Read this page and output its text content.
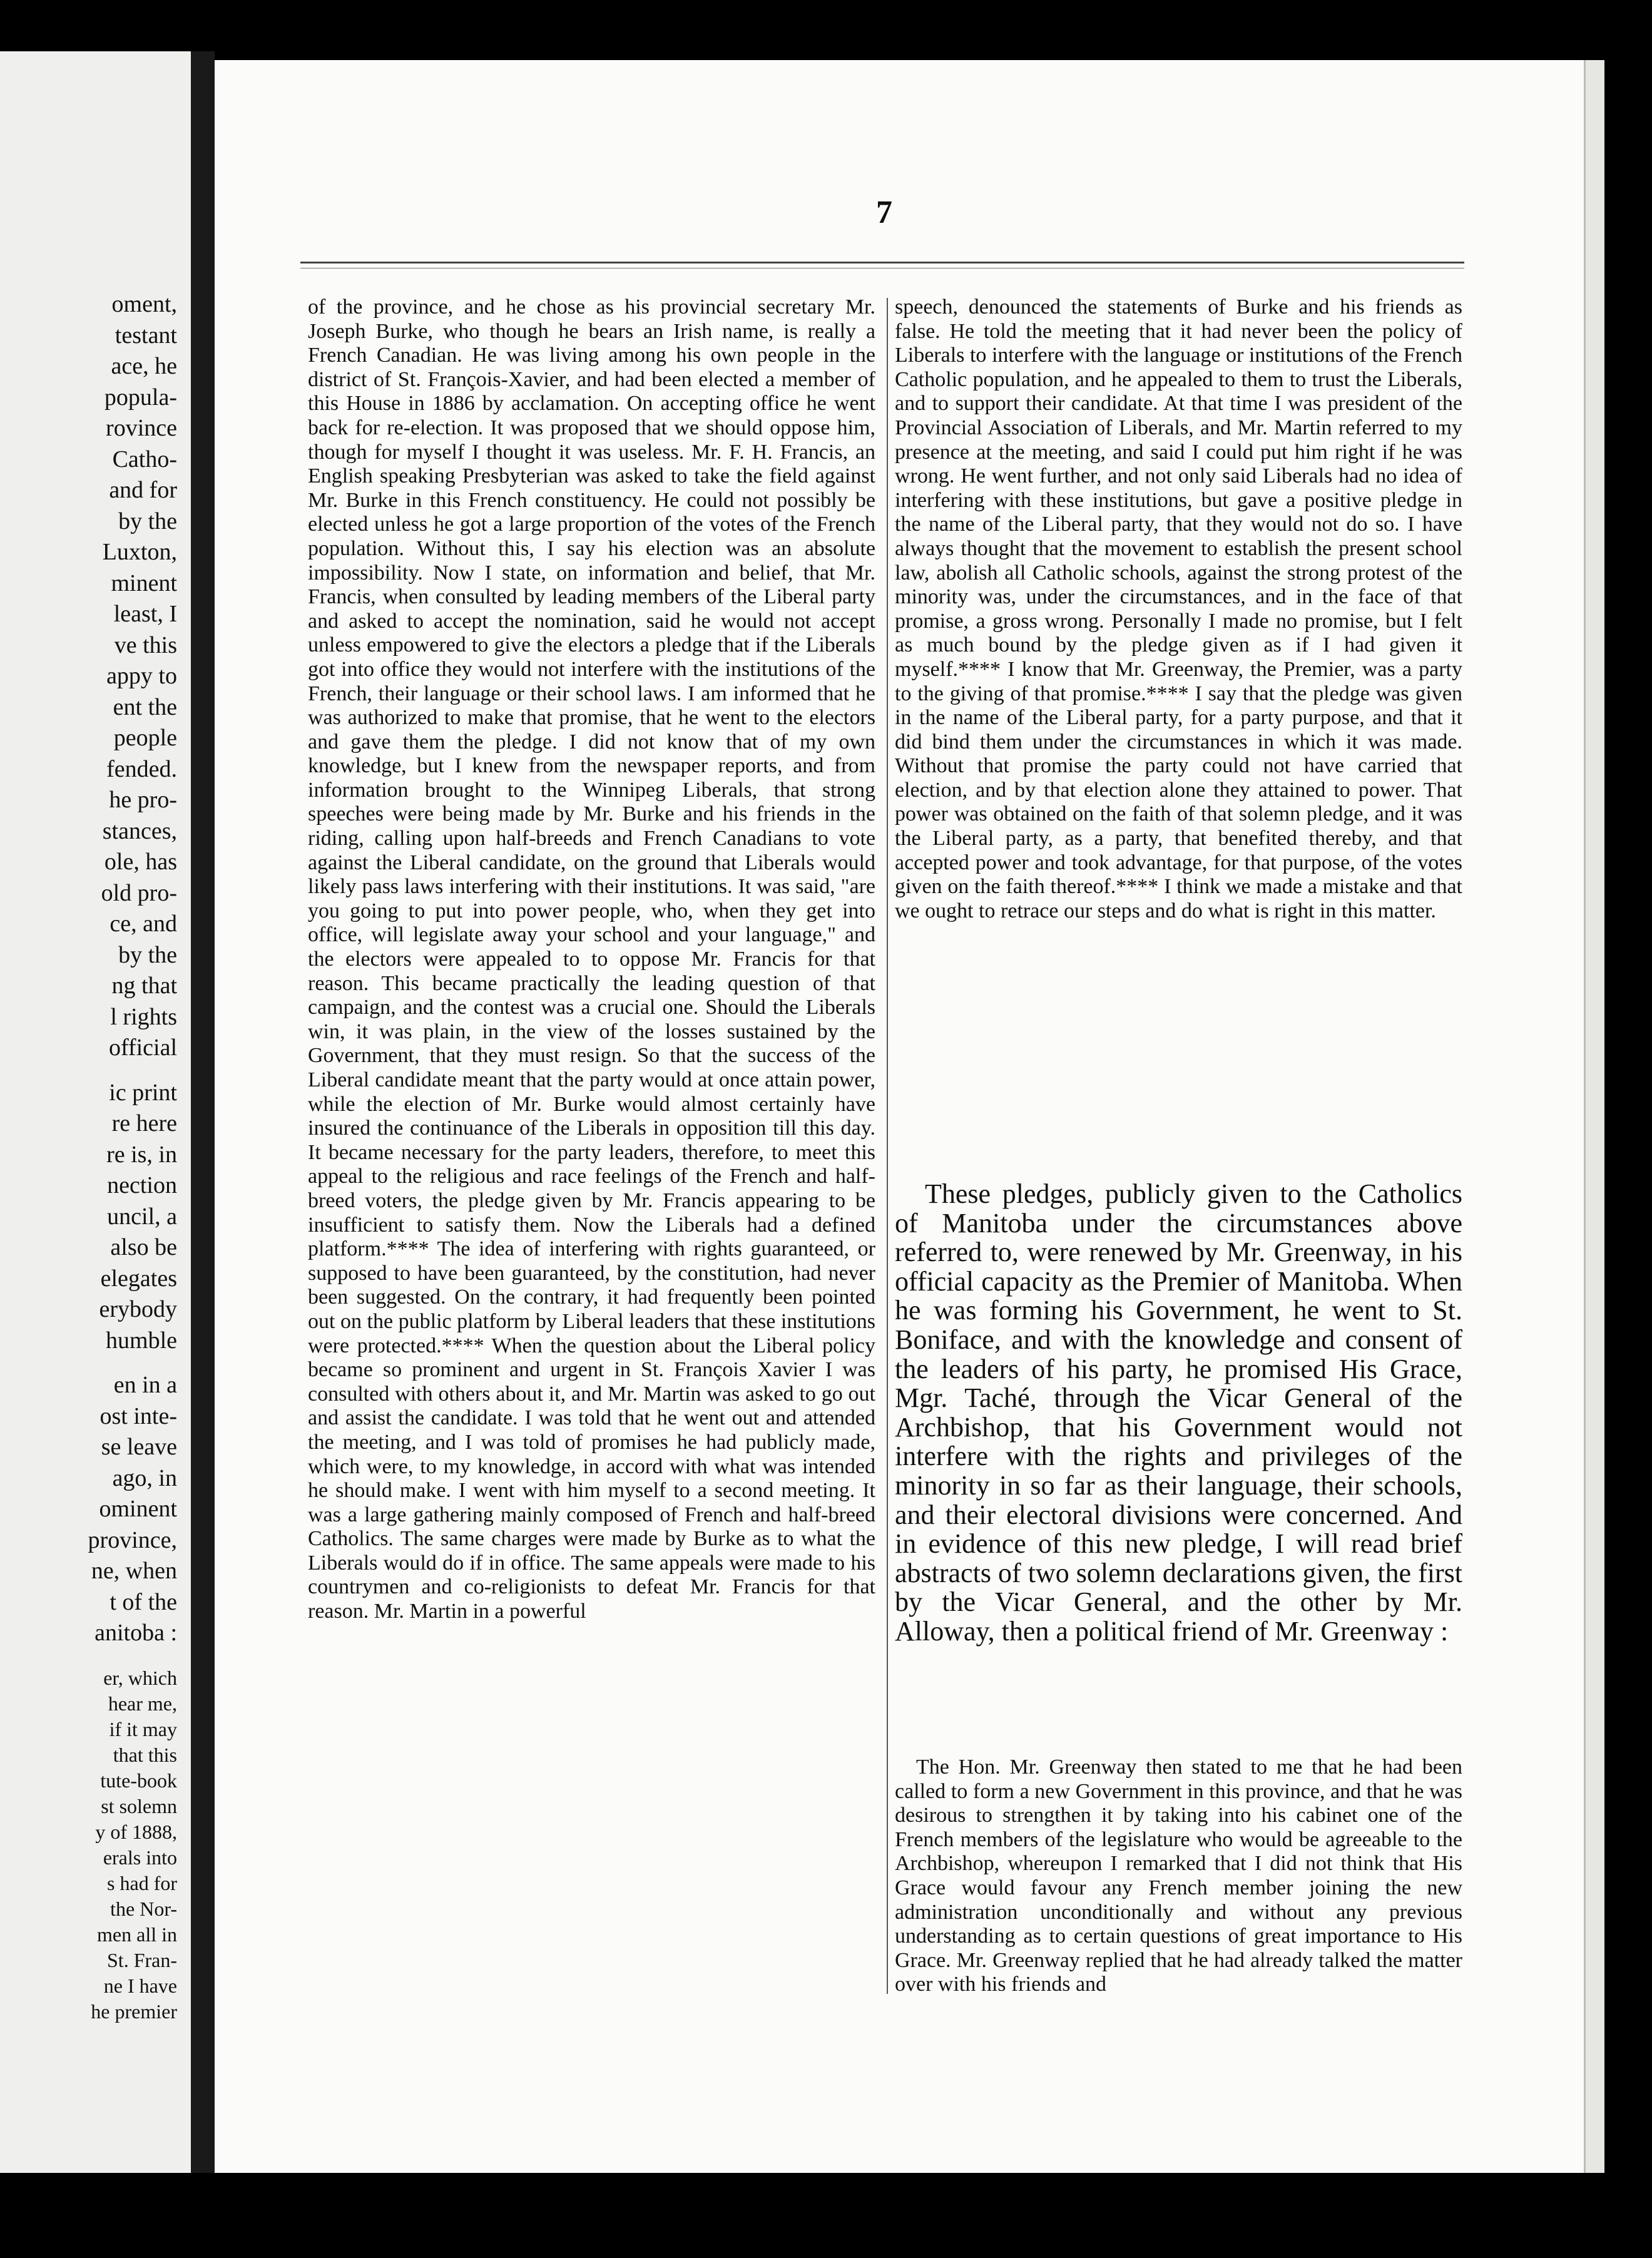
oment,
testant
ace, he
popula-
rovince
Catho-
and for
by the
Luxton,
minent
least, I
ve this
appy to
ent the
people
fended.
he pro-
stances,
ole, has
old pro-
ce, and
by the
ng that
l rights
official
ic print
re here
re is, in
nection
uncil, a
also be
elegates
erybody
humble
en in a
ost inte-
se leave
ago, in
ominent
province,
ne, when
t of the
anitoba :
er, which
hear me,
if it may
that this
tute-book
st solemn
y of 1888,
erals into
s had for
the Nor-
men all in
St. Fran-
ne I have
he premier
7

of the province, and he chose as his provincial secretary Mr. Joseph Burke, who though he bears an Irish name, is really a French Canadian. He was living among his own people in the district of St. François-Xavier, and had been elected a member of this House in 1886 by acclamation. On accepting office he went back for re-election. It was proposed that we should oppose him, though for myself I thought it was useless. Mr. F. H. Francis, an English speaking Presbyterian was asked to take the field against Mr. Burke in this French constituency. He could not possibly be elected unless he got a large proportion of the votes of the French population. Without this, I say his election was an absolute impossibility. Now I state, on information and belief, that Mr. Francis, when consulted by leading members of the Liberal party and asked to accept the nomination, said he would not accept unless empowered to give the electors a pledge that if the Liberals got into office they would not interfere with the institutions of the French, their language or their school laws. I am informed that he was authorized to make that promise, that he went to the electors and gave them the pledge. I did not know that of my own knowledge, but I knew from the newspaper reports, and from information brought to the Winnipeg Liberals, that strong speeches were being made by Mr. Burke and his friends in the riding, calling upon half-breeds and French Canadians to vote against the Liberal candidate, on the ground that Liberals would likely pass laws interfering with their institutions. It was said, "are you going to put into power people, who, when they get into office, will legislate away your school and your language," and the electors were appealed to to oppose Mr. Francis for that reason. This became practically the leading question of that campaign, and the contest was a crucial one. Should the Liberals win, it was plain, in the view of the losses sustained by the Government, that they must resign. So that the success of the Liberal candidate meant that the party would at once attain power, while the election of Mr. Burke would almost certainly have insured the continuance of the Liberals in opposition till this day. It became necessary for the party leaders, therefore, to meet this appeal to the religious and race feelings of the French and half-breed voters, the pledge given by Mr. Francis appearing to be insufficient to satisfy them. Now the Liberals had a defined platform.**** The idea of interfering with rights guaranteed, or supposed to have been guaranteed, by the constitution, had never been suggested. On the contrary, it had frequently been pointed out on the public platform by Liberal leaders that these institutions were protected.**** When the question about the Liberal policy became so prominent and urgent in St. François Xavier I was consulted with others about it, and Mr. Martin was asked to go out and assist the candidate. I was told that he went out and attended the meeting, and I was told of promises he had publicly made, which were, to my knowledge, in accord with what was intended he should make. I went with him myself to a second meeting. It was a large gathering mainly composed of French and half-breed Catholics. The same charges were made by Burke as to what the Liberals would do if in office. The same appeals were made to his countrymen and co-religionists to defeat Mr. Francis for that reason. Mr. Martin in a powerful

speech, denounced the statements of Burke and his friends as false. He told the meeting that it had never been the policy of Liberals to interfere with the language or institutions of the French Catholic population, and he appealed to them to trust the Liberals, and to support their candidate. At that time I was president of the Provincial Association of Liberals, and Mr. Martin referred to my presence at the meeting, and said I could put him right if he was wrong. He went further, and not only said Liberals had no idea of interfering with these institutions, but gave a positive pledge in the name of the Liberal party, that they would not do so. I have always thought that the movement to establish the present school law, abolish all Catholic schools, against the strong protest of the minority was, under the circumstances, and in the face of that promise, a gross wrong. Personally I made no promise, but I felt as much bound by the pledge given as if I had given it myself.**** I know that Mr. Greenway, the Premier, was a party to the giving of that promise.**** I say that the pledge was given in the name of the Liberal party, for a party purpose, and that it did bind them under the circumstances in which it was made. Without that promise the party could not have carried that election, and by that election alone they attained to power. That power was obtained on the faith of that solemn pledge, and it was the Liberal party, as a party, that benefited thereby, and that accepted power and took advantage, for that purpose, of the votes given on the faith thereof.**** I think we made a mistake and that we ought to retrace our steps and do what is right in this matter.

These pledges, publicly given to the Catholics of Manitoba under the circumstances above referred to, were renewed by Mr. Greenway, in his official capacity as the Premier of Manitoba. When he was forming his Government, he went to St. Boniface, and with the knowledge and consent of the leaders of his party, he promised His Grace, Mgr. Taché, through the Vicar General of the Archbishop, that his Government would not interfere with the rights and privileges of the minority in so far as their language, their schools, and their electoral divisions were concerned. And in evidence of this new pledge, I will read brief abstracts of two solemn declarations given, the first by the Vicar General, and the other by Mr. Alloway, then a political friend of Mr. Greenway :

The Hon. Mr. Greenway then stated to me that he had been called to form a new Government in this province, and that he was desirous to strengthen it by taking into his cabinet one of the French members of the legislature who would be agreeable to the Archbishop, whereupon I remarked that I did not think that His Grace would favour any French member joining the new administration unconditionally and without any previous understanding as to certain questions of great importance to His Grace. Mr. Greenway replied that he had already talked the matter over with his friends and
